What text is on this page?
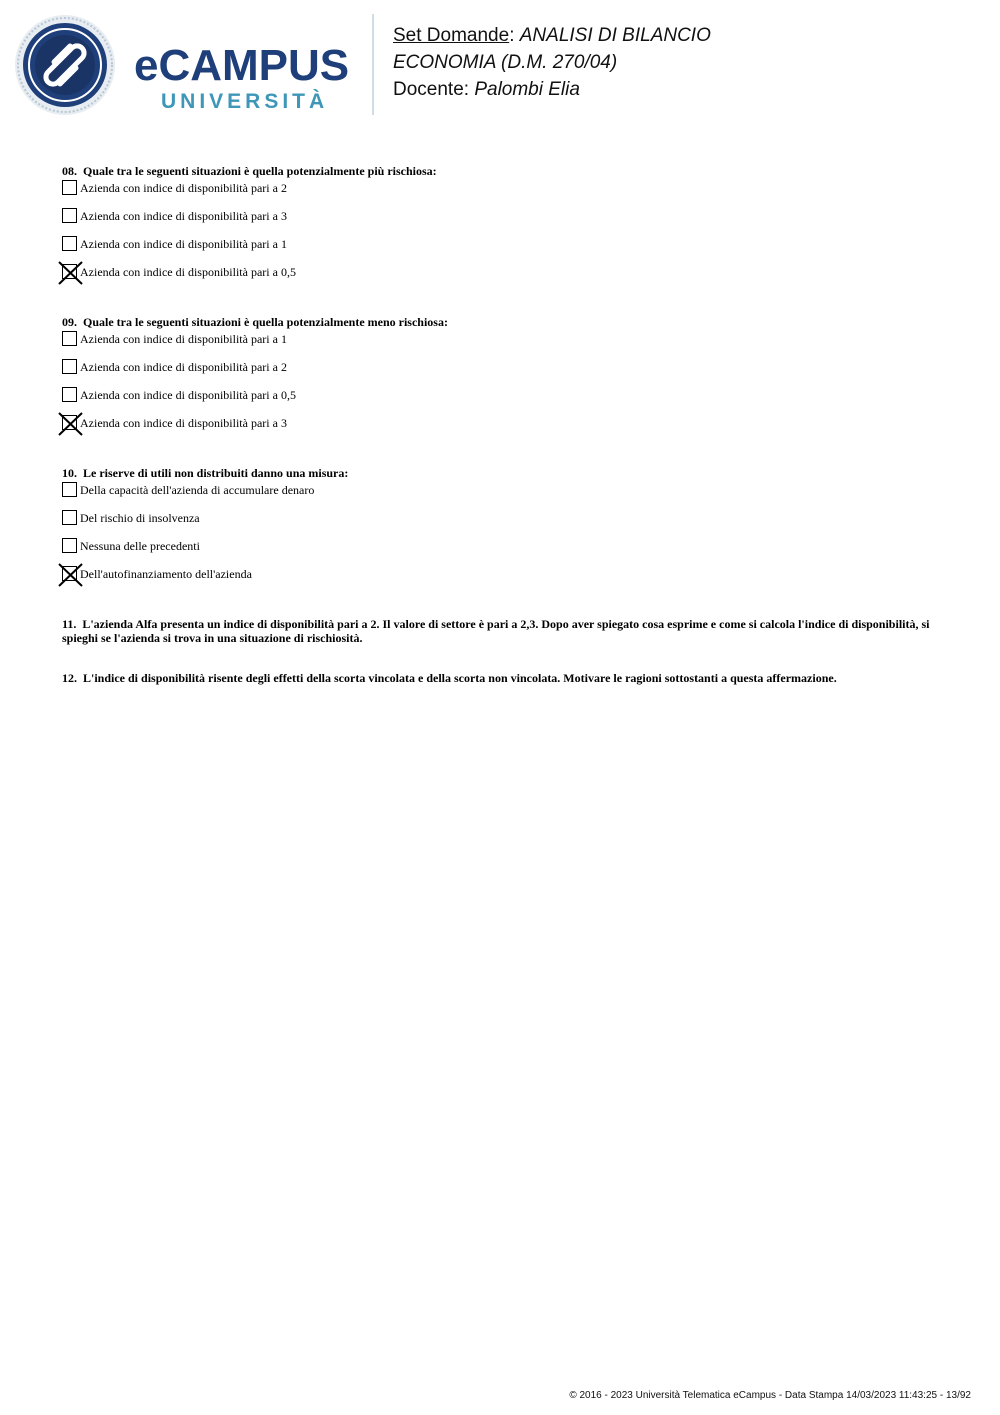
eCAMPUS
UNIVERSITÀ
Set Domande: ANALISI DI BILANCIO
ECONOMIA (D.M. 270/04)
Docente: Palombi Elia
08. Quale tra le seguenti situazioni è quella potenzialmente più rischiosa:
Azienda con indice di disponibilità pari a 2
Azienda con indice di disponibilità pari a 3
Azienda con indice di disponibilità pari a 1
Azienda con indice di disponibilità pari a 0,5
09. Quale tra le seguenti situazioni è quella potenzialmente meno rischiosa:
Azienda con indice di disponibilità pari a 1
Azienda con indice di disponibilità pari a 2
Azienda con indice di disponibilità pari a 0,5
Azienda con indice di disponibilità pari a 3
10. Le riserve di utili non distribuiti danno una misura:
Della capacità dell'azienda di accumulare denaro
Del rischio di insolvenza
Nessuna delle precedenti
Dell'autofinanziamento dell'azienda
11. L'azienda Alfa presenta un indice di disponibilità pari a 2. Il valore di settore è pari a 2,3. Dopo aver spiegato cosa esprime e come si calcola l'indice di disponibilità, si spieghi se l'azienda si trova in una situazione di rischiosità.
12. L'indice di disponibilità risente degli effetti della scorta vincolata e della scorta non vincolata. Motivare le ragioni sottostanti a questa affermazione.
© 2016 - 2023 Università Telematica eCampus - Data Stampa 14/03/2023 11:43:25 - 13/92
